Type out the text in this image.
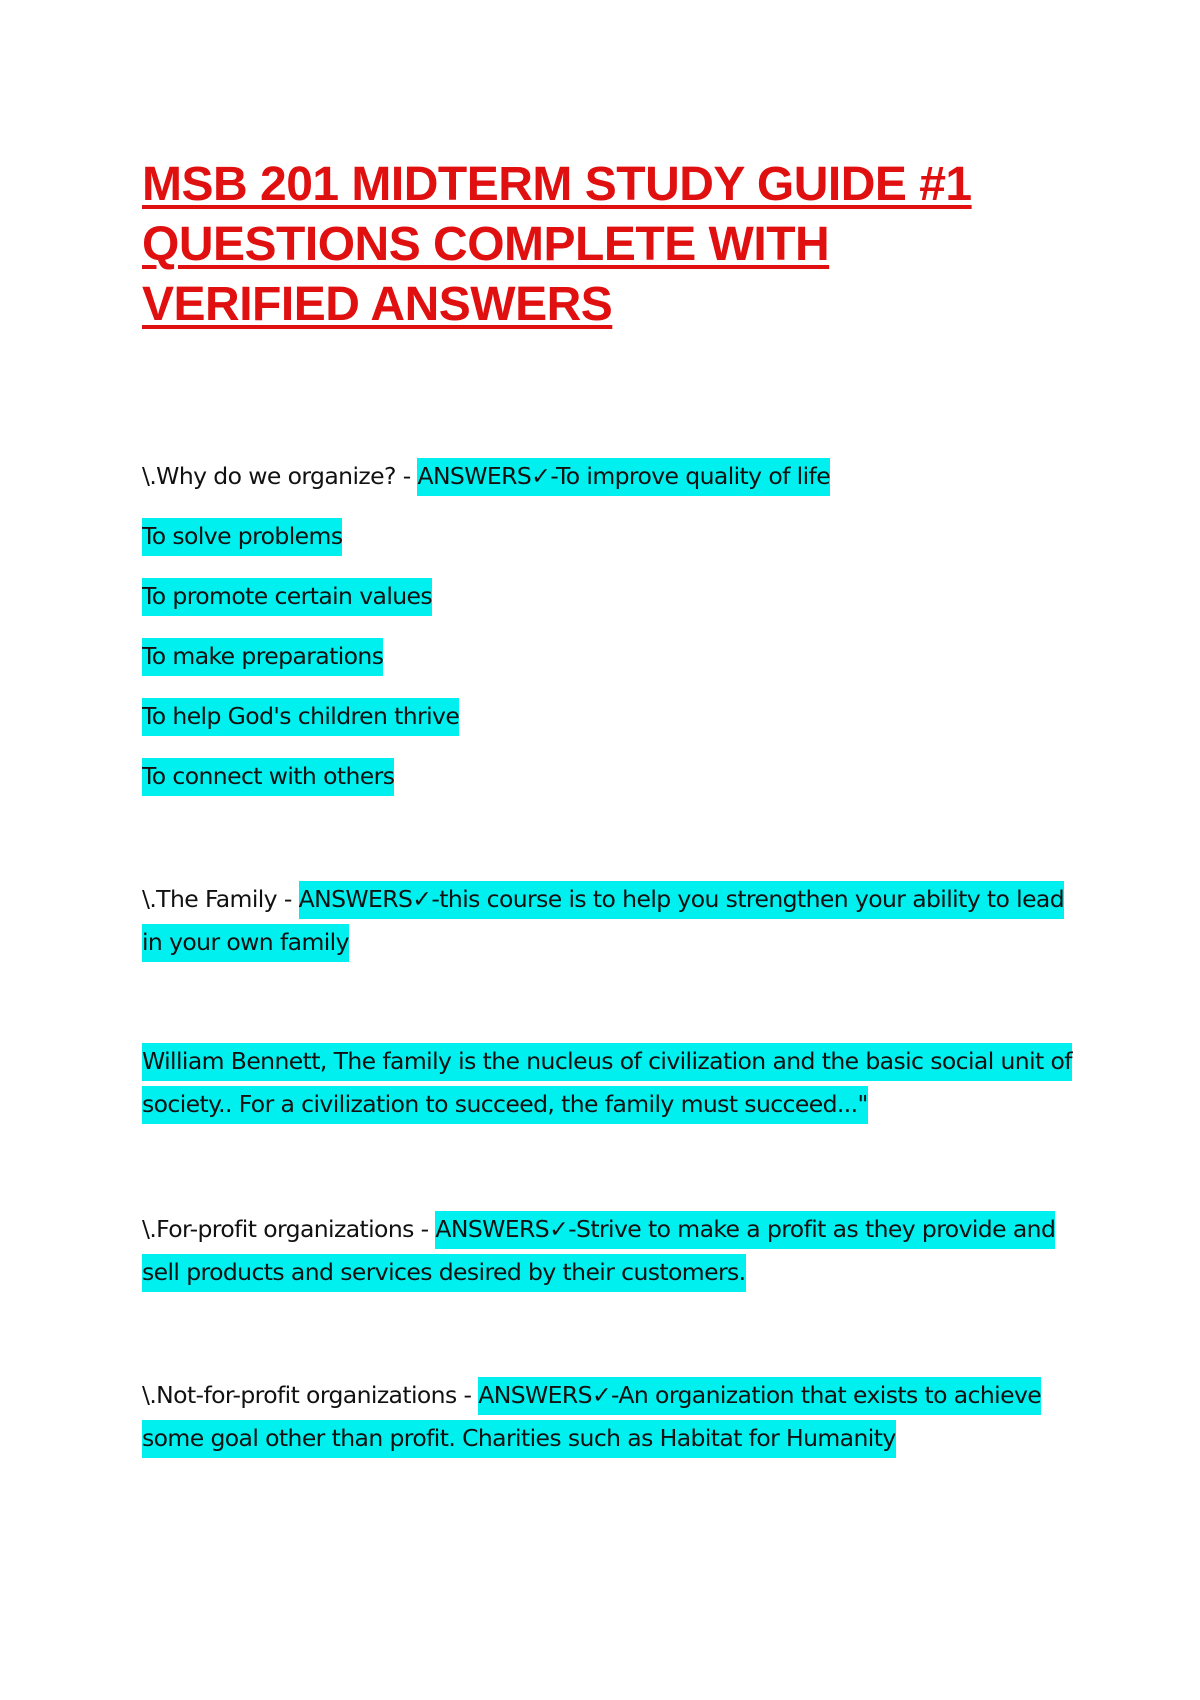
MSB 201 MIDTERM STUDY GUIDE #1 QUESTIONS COMPLETE WITH VERIFIED ANSWERS
\.Why do we organize? - ANSWERS✓-To improve quality of life
To solve problems
To promote certain values
To make preparations
To help God's children thrive
To connect with others
\.The Family - ANSWERS✓-this course is to help you strengthen your ability to lead in your own family
William Bennett, The family is the nucleus of civilization and the basic social unit of society.. For a civilization to succeed, the family must succeed..."
\.For-profit organizations - ANSWERS✓-Strive to make a profit as they provide and sell products and services desired by their customers.
\.Not-for-profit organizations - ANSWERS✓-An organization that exists to achieve some goal other than profit. Charities such as Habitat for Humanity
